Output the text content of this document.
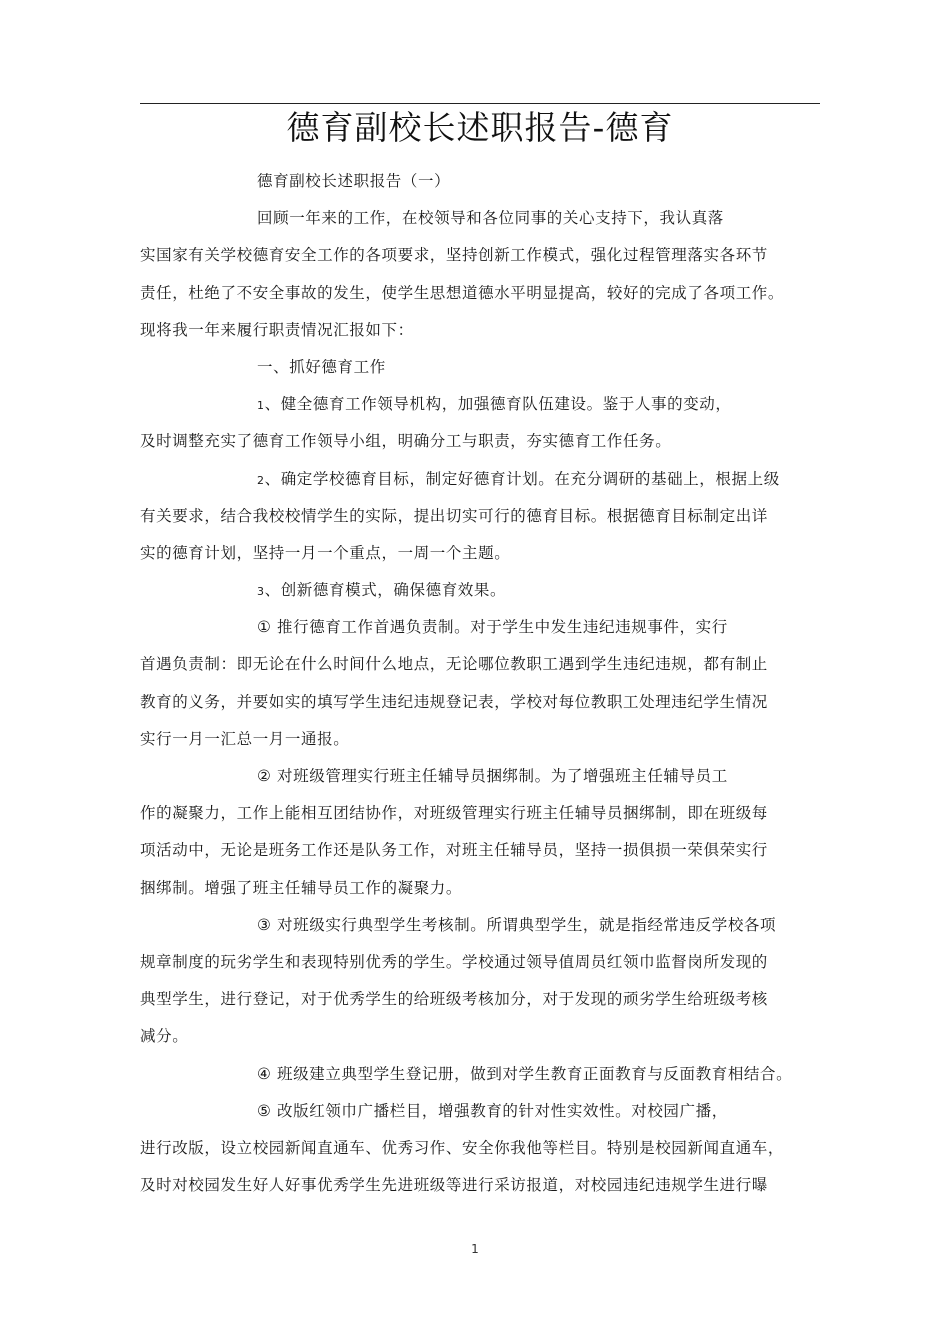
德育副校长述职报告-德育
德育副校长述职报告（一）
回顾一年来的工作，在校领导和各位同事的关心支持下，我认真落
实国家有关学校德育安全工作的各项要求，坚持创新工作模式，强化过程管理落实各环节
责任，杜绝了不安全事故的发生，使学生思想道德水平明显提高，较好的完成了各项工作。
现将我一年来履行职责情况汇报如下：
一、抓好德育工作
1、健全德育工作领导机构，加强德育队伍建设。鉴于人事的变动，
及时调整充实了德育工作领导小组，明确分工与职责，夯实德育工作任务。
2、确定学校德育目标，制定好德育计划。在充分调研的基础上，根据上级
有关要求，结合我校校情学生的实际，提出切实可行的德育目标。根据德育目标制定出详
实的德育计划，坚持一月一个重点，一周一个主题。
3、创新德育模式，确保德育效果。
① 推行德育工作首遇负责制。对于学生中发生违纪违规事件，实行
首遇负责制：即无论在什么时间什么地点，无论哪位教职工遇到学生违纪违规，都有制止
教育的义务，并要如实的填写学生违纪违规登记表，学校对每位教职工处理违纪学生情况
实行一月一汇总一月一通报。
② 对班级管理实行班主任辅导员捆绑制。为了增强班主任辅导员工
作的凝聚力，工作上能相互团结协作，对班级管理实行班主任辅导员捆绑制，即在班级每
项活动中，无论是班务工作还是队务工作，对班主任辅导员，坚持一损俱损一荣俱荣实行
捆绑制。增强了班主任辅导员工作的凝聚力。
③ 对班级实行典型学生考核制。所谓典型学生，就是指经常违反学校各项
规章制度的玩劣学生和表现特别优秀的学生。学校通过领导值周员红领巾监督岗所发现的
典型学生，进行登记，对于优秀学生的给班级考核加分，对于发现的顽劣学生给班级考核
减分。
④ 班级建立典型学生登记册，做到对学生教育正面教育与反面教育相结合。
⑤ 改版红领巾广播栏目，增强教育的针对性实效性。对校园广播，
进行改版，设立校园新闻直通车、优秀习作、安全你我他等栏目。特别是校园新闻直通车，
及时对校园发生好人好事优秀学生先进班级等进行采访报道，对校园违纪违规学生进行曝
1
